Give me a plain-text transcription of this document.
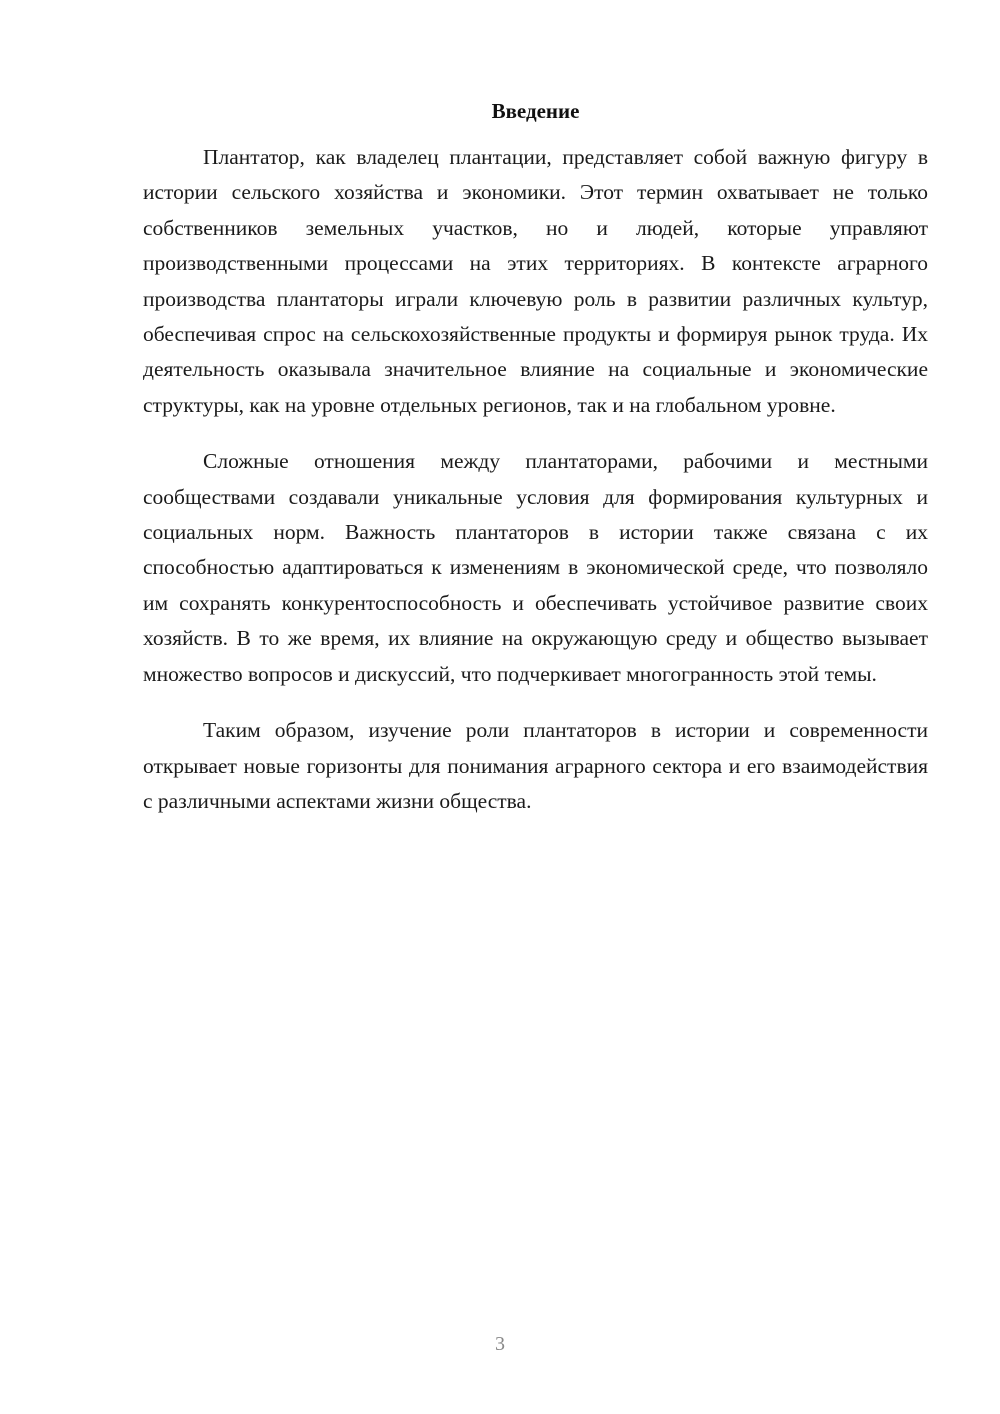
Введение

Плантатор, как владелец плантации, представляет собой важную фигуру в истории сельского хозяйства и экономики. Этот термин охватывает не только собственников земельных участков, но и людей, которые управляют производственными процессами на этих территориях. В контексте аграрного производства плантаторы играли ключевую роль в развитии различных культур, обеспечивая спрос на сельскохозяйственные продукты и формируя рынок труда. Их деятельность оказывала значительное влияние на социальные и экономические структуры, как на уровне отдельных регионов, так и на глобальном уровне.

Сложные отношения между плантаторами, рабочими и местными сообществами создавали уникальные условия для формирования культурных и социальных норм. Важность плантаторов в истории также связана с их способностью адаптироваться к изменениям в экономической среде, что позволяло им сохранять конкурентоспособность и обеспечивать устойчивое развитие своих хозяйств. В то же время, их влияние на окружающую среду и общество вызывает множество вопросов и дискуссий, что подчеркивает многогранность этой темы.

Таким образом, изучение роли плантаторов в истории и современности открывает новые горизонты для понимания аграрного сектора и его взаимодействия с различными аспектами жизни общества.

3
